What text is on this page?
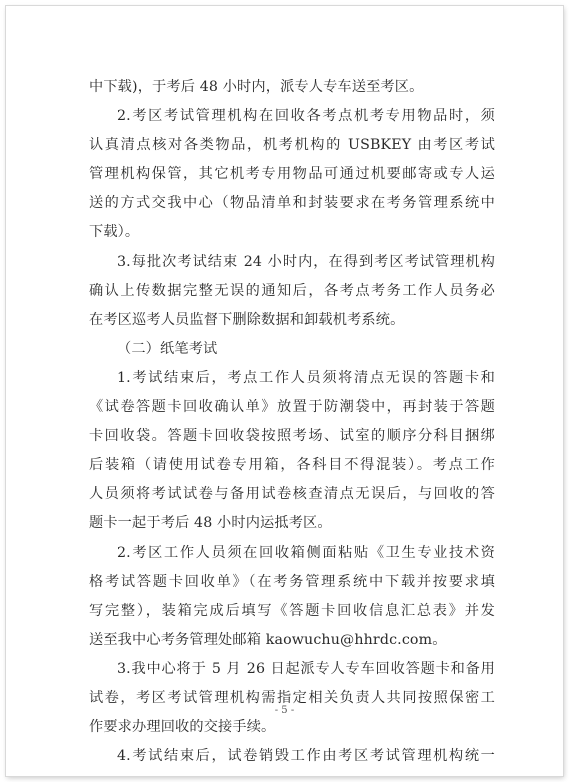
中下载)，于考后 48 小时内，派专人专车送至考区。
2.考区考试管理机构在回收各考点机考专用物品时，须
认真清点核对各类物品，机考机构的 USBKEY 由考区考试
管理机构保管，其它机考专用物品可通过机要邮寄或专人运
送的方式交我中心（物品清单和封装要求在考务管理系统中
下载）。
3.每批次考试结束 24 小时内，在得到考区考试管理机构
确认上传数据完整无误的通知后，各考点考务工作人员务必
在考区巡考人员监督下删除数据和卸载机考系统。
（二）纸笔考试
1.考试结束后，考点工作人员须将清点无误的答题卡和
《试卷答题卡回收确认单》放置于防潮袋中，再封装于答题
卡回收袋。答题卡回收袋按照考场、试室的顺序分科目捆绑
后装箱（请使用试卷专用箱，各科目不得混装）。考点工作
人员须将考试试卷与备用试卷核查清点无误后，与回收的答
题卡一起于考后 48 小时内运抵考区。
2.考区工作人员须在回收箱侧面粘贴《卫生专业技术资
格考试答题卡回收单》（在考务管理系统中下载并按要求填
写完整），装箱完成后填写《答题卡回收信息汇总表》并发
送至我中心考务管理处邮箱 kaowuchu@hhrdc.com。
3.我中心将于 5 月 26 日起派专人专车回收答题卡和备用
试卷，考区考试管理机构需指定相关负责人共同按照保密工
作要求办理回收的交接手续。
4.考试结束后，试卷销毁工作由考区考试管理机构统一
- 5 -
